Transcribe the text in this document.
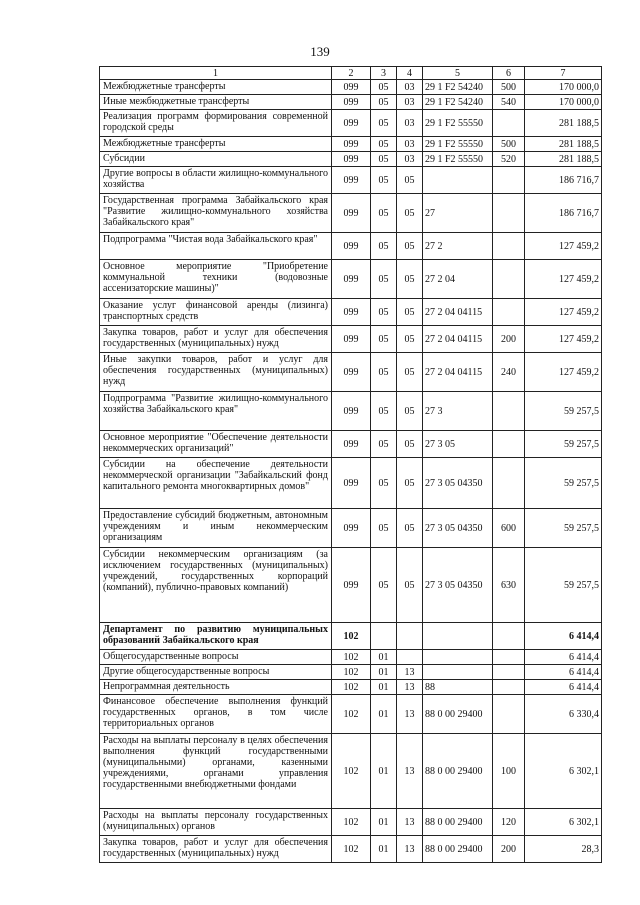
139
1	2	3	4	5	6	7
Межбюджетные трансферты	099	05	03	29 1 F2 54240	500	170 000,0
Иные межбюджетные трансферты	099	05	03	29 1 F2 54240	540	170 000,0
Реализация программ формирования современной городской среды	099	05	03	29 1 F2 55550		281 188,5
Межбюджетные трансферты	099	05	03	29 1 F2 55550	500	281 188,5
Субсидии	099	05	03	29 1 F2 55550	520	281 188,5
Другие вопросы в области жилищно-коммунального хозяйства	099	05	05			186 716,7
Государственная программа Забайкальского края "Развитие жилищно-коммунального хозяйства Забайкальского края"	099	05	05	27		186 716,7
Подпрограмма "Чистая вода Забайкальского края"	099	05	05	27 2		127 459,2
Основное мероприятие "Приобретение коммунальной техники (водовозные ассенизаторские машины)"	099	05	05	27 2 04		127 459,2
Оказание услуг финансовой аренды (лизинга) транспортных средств	099	05	05	27 2 04 04115		127 459,2
Закупка товаров, работ и услуг для обеспечения государственных (муниципальных) нужд	099	05	05	27 2 04 04115	200	127 459,2
Иные закупки товаров, работ и услуг для обеспечения государственных (муниципальных) нужд	099	05	05	27 2 04 04115	240	127 459,2
Подпрограмма "Развитие жилищно-коммунального хозяйства Забайкальского края"	099	05	05	27 3		59 257,5
Основное мероприятие "Обеспечение деятельности некоммерческих организаций"	099	05	05	27 3 05		59 257,5
Субсидии на обеспечение деятельности некоммерческой организации "Забайкальский фонд капитального ремонта многоквартирных домов"	099	05	05	27 3 05 04350		59 257,5
Предоставление субсидий бюджетным, автономным учреждениям и иным некоммерческим организациям	099	05	05	27 3 05 04350	600	59 257,5
Субсидии некоммерческим организациям (за исключением государственных (муниципальных) учреждений, государственных корпораций (компаний), публично-правовых компаний)	099	05	05	27 3 05 04350	630	59 257,5
Департамент по развитию муниципальных образований Забайкальского края	102					6 414,4
Общегосударственные вопросы	102	01				6 414,4
Другие общегосударственные вопросы	102	01	13			6 414,4
Непрограммная деятельность	102	01	13	88		6 414,4
Финансовое обеспечение выполнения функций государственных органов, в том числе территориальных органов	102	01	13	88 0 00 29400		6 330,4
Расходы на выплаты персоналу в целях обеспечения выполнения функций государственными (муниципальными) органами, казенными учреждениями, органами управления государственными внебюджетными фондами	102	01	13	88 0 00 29400	100	6 302,1
Расходы на выплаты персоналу государственных (муниципальных) органов	102	01	13	88 0 00 29400	120	6 302,1
Закупка товаров, работ и услуг для обеспечения государственных (муниципальных) нужд	102	01	13	88 0 00 29400	200	28,3
